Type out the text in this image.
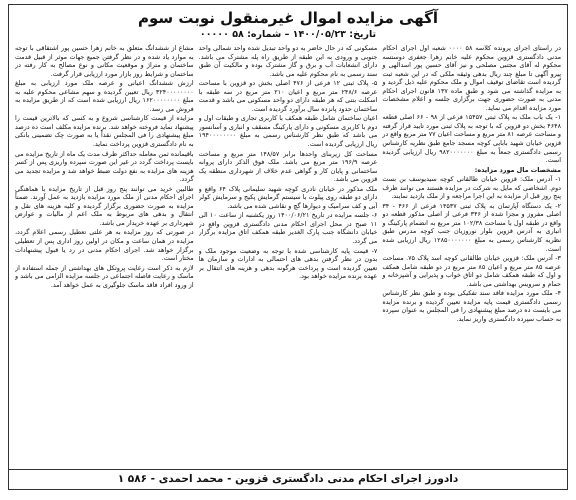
آگهی مزایده اموال غیرمنقول نوبت سوم
تاریخ: ۱۴۰۰/۰۵/۲۳ – شماره: ۵۸ ۰۰۰۰۰

در راستای اجرای پرونده کلاسه ۵۸ ۰۰۰۰ شعبه اول اجرای احکام مدنی دادگستری قزوین محکوم علیه خانم زهرا جعفری دوستسه محکوم له آقای مجتبی مصلحی و نیز آقای حسین پور اسدالهی و پیرو آگهی تا مبلغ چند ریال بدهی وثیقه ملکی که در این شعبه ثبت گردیده است تقاضای توقیف اموال و ملک محکوم علیه ذیل گردید و به مزایده گذاشته می شود و طبق ماده ۱۳۷ قانون اجرای احکام مدنی به صورت حضوری جهت برگزاری جلسه و اعلام مشخصات مورد مزایده اقدام می نماید.

۱- یک باب ملک به پلاک ثبتی ۱۵۴۵۷ فرعی از ۹۸ - ۶۶ اصلی قطعه ۴۶۴۸ بخش دو قزوین که با توجه به پلاک ثبتی مورد تایید قرار گرفته و مساحت عرصه ۸۱ متر مربع و مساحت اعیان ۷۷ متر مربع واقع در قزوین خیابان شهید بابایی کوچه مسجد جامع طبق نظریه کارشناس رسمی دادگستری جمعاً به مبلغ ۹۸۲۰۰۰۰۰۰۰ ریال ارزیابی گردیده است.

مشخصات مال مورد مزایده:

۱- آدرس ملک: قزوین خیابان طالقانی کوچه سیدیوسف بن بست دوم. اشخاصی که مایل به شرکت در مزایده هستند می توانند ظرف پنج روز قبل از مزایده به این اجرا مراجعه و از ملک بازدید نمایند.

۲- یک دستگاه آپارتمان به پلاک ثبتی ۱۴۵۳۷ فرعی از ۴۶۶ - ۳۴ اصلی مفروز و مجزا شده از ۳۴۶ فرعی از اصلی مذکور قطعه دو واقع در طبقه اول با مساحت ۱۰۲/۳۸ متر مربع به انضمام پارکینگ و انباری به آدرس قزوین بلوار نوروزیان جنب کوچه مدرس طبق نظریه کارشناس رسمی به مبلغ ۱۲۸۵۰۰۰۰۰۰۰ ریال ارزیابی شده است.

۳- آدرس ملک: قزوین خیابان طالقانی کوچه اسد پلاک ۷۵. مساحت عرصه ۸۵ متر مربع و اعیان ۸۵ متر مربع در دو طبقه شامل همکف و اول که طبقه همکف شامل دو اتاق خواب و پذیرایی و آشپزخانه و حمام و سرویس بهداشتی می باشد.

۴- ملک مورد مزایده فاقد سند تفکیکی بوده و طبق نظر کارشناس رسمی دادگستری قیمت پایه مزایده تعیین گردیده و برنده مزایده می بایست ده درصد مبلغ پیشنهادی را فی المجلس به عنوان سپرده به حساب سپرده دادگستری واریز نماید.

مسکونی که در حال حاضر به دو واحد تبدیل شده واحد شمالی واحد جنوبی و ورودی به این طبقه از طریق راه پله مشترک می باشد. دارای انشعابات آب و برق و گاز مشترک بوده و مالکیت آن طبق سند رسمی به نام محکوم علیه می باشد.

۵- پلاک ثبتی ۱۲ فرعی از ۴۷۶ اصلی بخش دو قزوین با مساحت عرصه ۲۴۸/۶ متر مربع و اعیان ۲۱۰ متر مربع در سه طبقه با اسکلت بتنی که هر طبقه دارای دو واحد مسکونی می باشد و قدمت ساختمان حدود پانزده سال برآورد گردیده است.

اعیان ساختمان شامل طبقه همکف با کاربری تجاری و طبقات اول و دوم با کاربری مسکونی و دارای پارکینگ مسقف و انباری و آسانسور می باشد که طبق نظر کارشناس رسمی به مبلغ ۱۹۴۰۰۰۰۰۰۰۰ ریال ارزیابی گردیده است.

مساحت کل زیربنای واحدها برابر ۱۴۸/۵۷ متر مربع و مساحت عرصه ۱۹۶/۹ متر مربع می باشد. ملک فوق الذکر دارای پروانه ساختمانی و پایان کار و گواهی عدم خلاف از شهرداری منطقه یک قزوین می باشد.

ملک مذکور در خیابان نادری کوچه شهید سلیمانی پلاک ۶۴ واقع و دارای دو طبقه روی پیلوت با سیستم گرمایش پکیج و سرمایش کولر آبی و کف سرامیک و دیوارها گچ و نقاشی شده می باشد.

۶- جلسه مزایده در تاریخ ۱۴۰۰/۰۶/۲۱ روز یکشنبه از ساعت ۱۰ الی ۱۱ صبح در محل اجرای احکام مدنی دادگستری قزوین واقع در خیابان دانشگاه جنب پارک الغدیر طبقه همکف اتاق مزایده برگزار می گردد.

۷- قیمت پایه کارشناسی شده با توجه به وضعیت موجود ملک و بدون در نظر گرفتن بدهی های احتمالی به ادارات و سازمان ها تعیین گردیده است و پرداخت هرگونه بدهی و هزینه های انتقال بر عهده برنده مزایده خواهد بود.

مشاع از ششدانگ متعلق به خانم زهرا حسین پور اشتقاقی با توجه به موارد یاد شده و در نظر گرفتن جمیع جهات موثر از قبیل قدمت ساختمان و متراژ و موقعیت مکانی و نوع مصالح به کار رفته در ساختمان و شرایط روز بازار مورد ارزیابی قرار گرفت.

ارزش ششدانگ اعیانی و عرصه ملک مورد ارزیابی به مبلغ ۳۲۴۰۰۰۰۰۰۰۰ ریال تعیین گردیده و سهم مشاعی محکوم علیه به مبلغ ۱۶۲۰۰۰۰۰۰۰۰ ریال ارزیابی شده است که از طریق مزایده به فروش می رسد.

مزایده از قیمت کارشناسی شروع و به کسی که بالاترین قیمت را پیشنهاد نماید فروخته خواهد شد. برنده مزایده مکلف است ده درصد مبلغ پیشنهادی را فی المجلس نقداً یا به صورت چک تضمینی بانکی به نام دادگستری قزوین پرداخت نماید.

باقیمانده ثمن معامله حداکثر ظرف مدت یک ماه از تاریخ مزایده می بایست پرداخت گردد در غیر این صورت سپرده واریزی پس از کسر هزینه های مزایده به نفع دولت ضبط خواهد شد و مزایده تجدید می گردد.

طالبین خرید می توانند پنج روز قبل از تاریخ مزایده با هماهنگی اجرای احکام مدنی از ملک مورد مزایده بازدید به عمل آورند. ضمناً مزایده به صورت حضوری برگزار گردیده و کلیه هزینه های نقل و انتقال و بدهی های مربوط به ملک اعم از مالیات و عوارض شهرداری بر عهده خریدار می باشد.

در صورتی که روز مزایده به هر علتی تعطیل رسمی اعلام گردد، مزایده در همان ساعت و مکان در اولین روز اداری پس از تعطیلی برگزار خواهد شد. اجرای احکام مدنی در رد یا قبول پیشنهادات مختار است.

لازم به ذکر است رعایت پروتکل های بهداشتی از جمله استفاده از ماسک و رعایت فاصله اجتماعی در جلسه مزایده الزامی می باشد و از ورود افراد فاقد ماسک جلوگیری به عمل خواهد آمد.

دادورز اجرای احکام مدنی دادگستری قزوین - محمد احمدی - ۵۸۶ ۱
